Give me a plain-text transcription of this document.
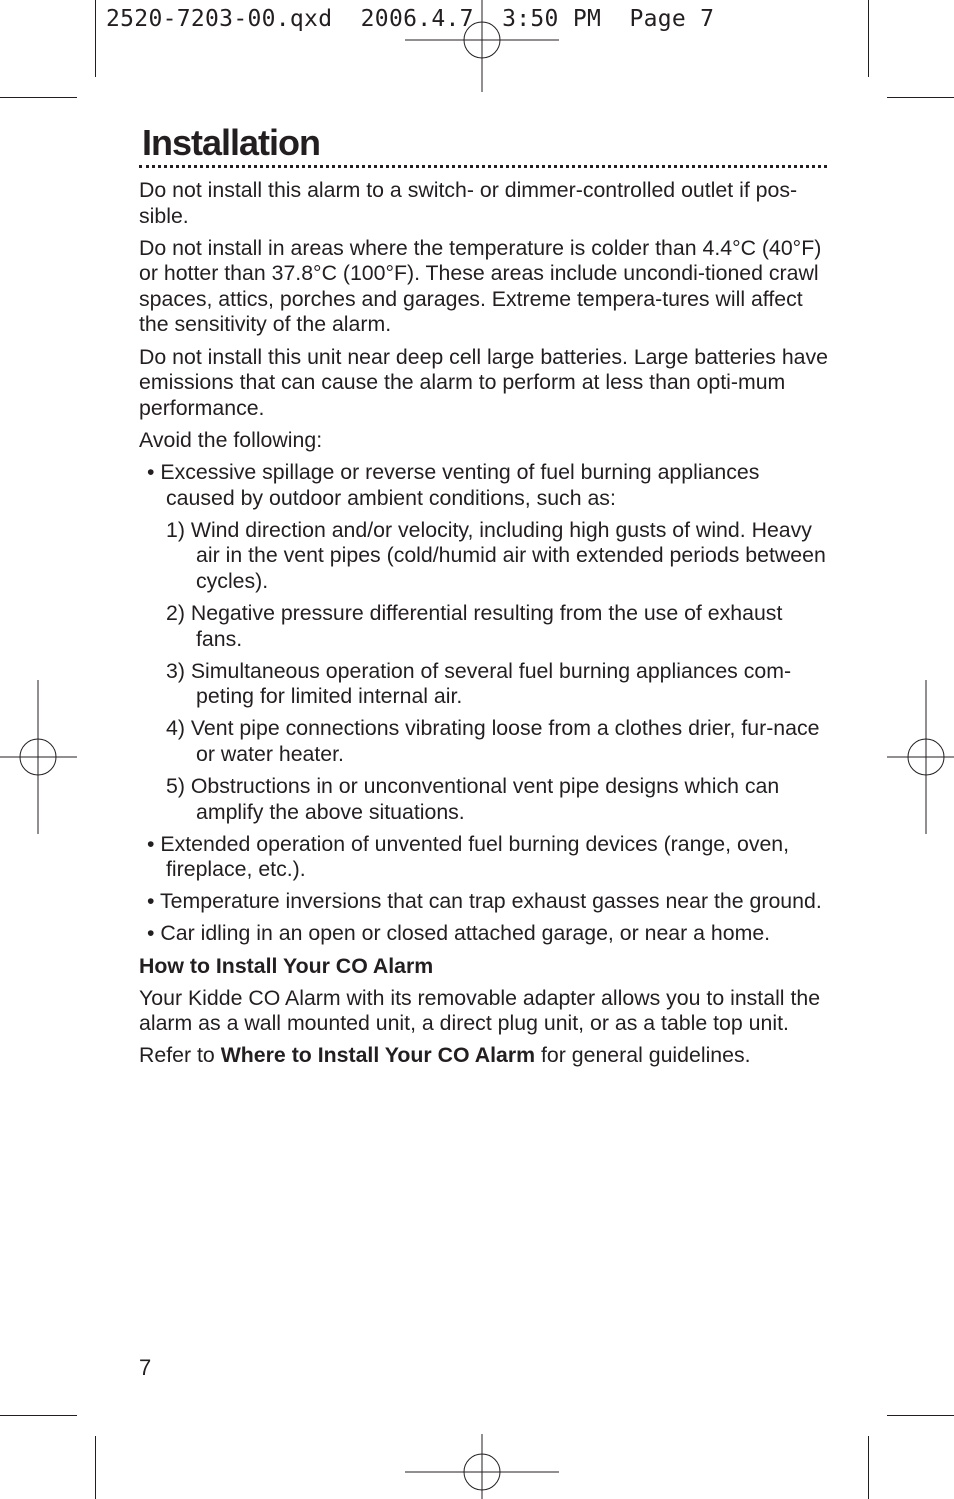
2520-7203-00.qxd  2006.4.7  3:50 PM  Page 7
Installation

Do not install this alarm to a switch- or dimmer-controlled outlet if pos-sible.

Do not install in areas where the temperature is colder than 4.4°C (40°F) or hotter than 37.8°C (100°F). These areas include uncondi-tioned crawl spaces, attics, porches and garages. Extreme tempera-tures will affect the sensitivity of the alarm.

Do not install this unit near deep cell large batteries. Large batteries have emissions that can cause the alarm to perform at less than opti-mum performance.

Avoid the following:

• Excessive spillage or reverse venting of fuel burning appliances caused by outdoor ambient conditions, such as:
1) Wind direction and/or velocity, including high gusts of wind. Heavy air in the vent pipes (cold/humid air with extended periods between cycles).
2) Negative pressure differential resulting from the use of exhaust fans.
3) Simultaneous operation of several fuel burning appliances com-peting for limited internal air.
4) Vent pipe connections vibrating loose from a clothes drier, fur-nace or water heater.
5) Obstructions in or unconventional vent pipe designs which can amplify the above situations.
• Extended operation of unvented fuel burning devices (range, oven, fireplace, etc.).
• Temperature inversions that can trap exhaust gasses near the ground.
• Car idling in an open or closed attached garage, or near a home.
How to Install Your CO Alarm

Your Kidde CO Alarm with its removable adapter allows you to install the alarm as a wall mounted unit, a direct plug unit, or as a table top unit.

Refer to Where to Install Your CO Alarm for general guidelines.

7
